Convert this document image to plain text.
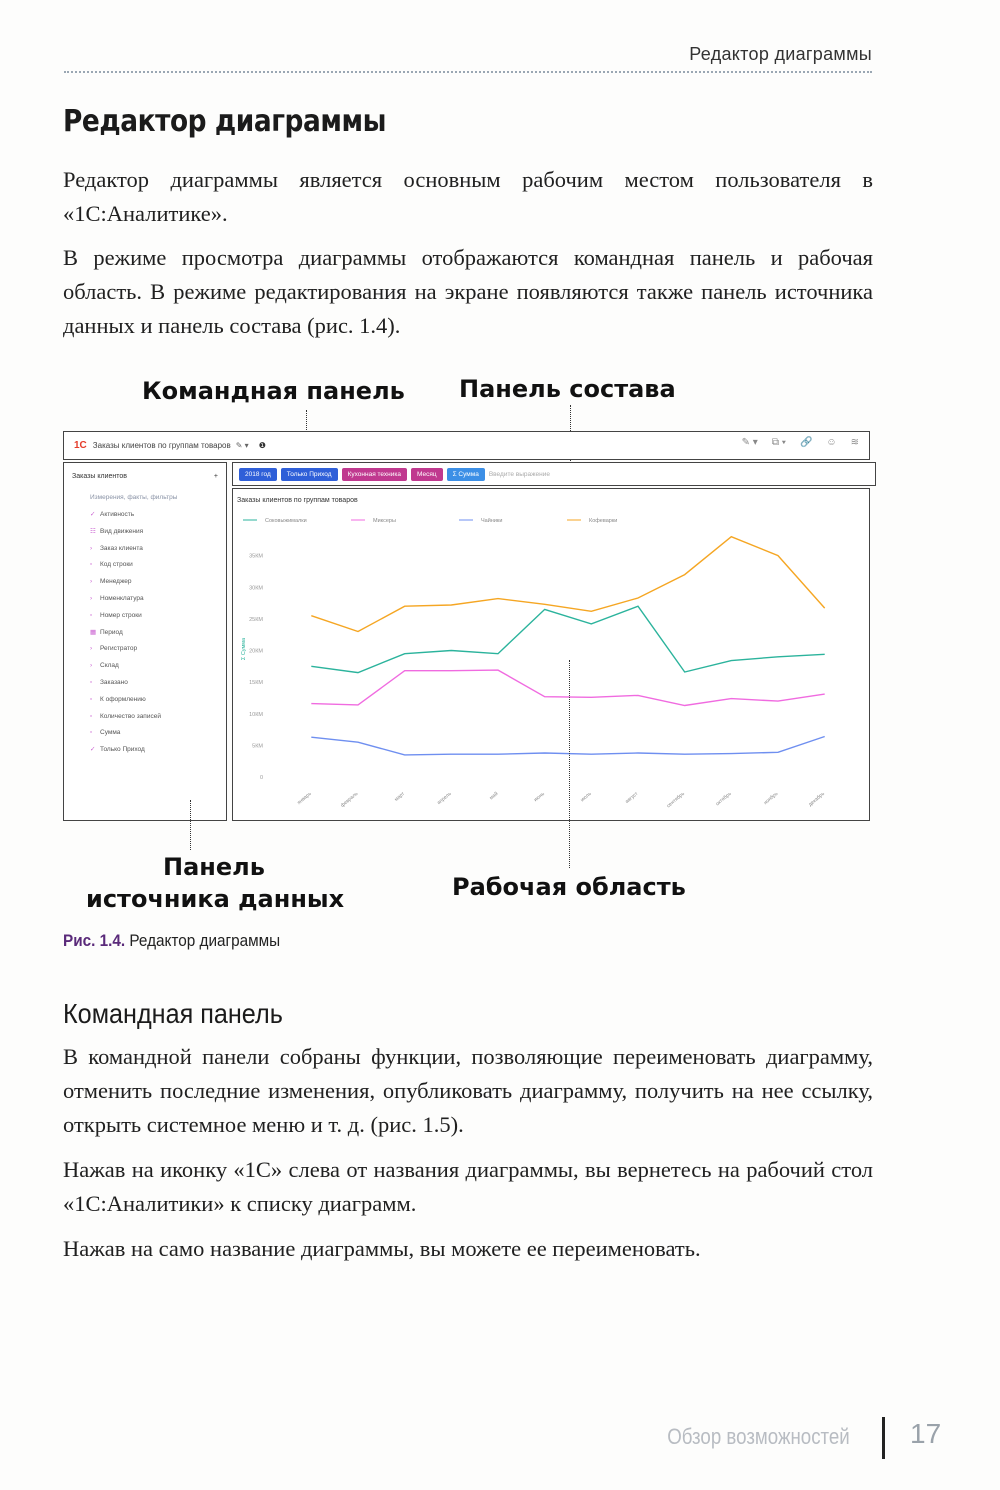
Редактор диаграммы
Редактор диаграммы

Редактор диаграммы является основным рабочим местом пользователя в «1С:Аналитике».

В режиме просмотра диаграммы отображаются командная панель и рабочая область. В режиме редактирования на экране появляются также панель источника данных и панель состава (рис. 1.4).

Командная панель Панель состава
1С Заказы клиентов по группам товаров ✎ ▾ ❶	✎ ▾ ⧉ ▾ 🔗 ☺ ≋
Заказы клиентов	+
Измерения, факты, фильтры
✓ Активность
☷ Вид движения
› Заказ клиента
▫ Код строки
› Менеджер
› Номенклатура
▫ Номер строки
▦ Период
› Регистратор
› Склад
▫ Заказано
▫ К оформлению
▫ Количество записей
▫ Сумма
✓ Только Приход
2018 год	Только Приход	Кухонная техника	Месяц	Σ Сумма	Введите выражение
Заказы клиентов по группам товаров
Соковыжималки	Миксеры	Чайники	Кофеварки
0
5КМ
10КМ
15КМ
20КМ
25КМ
30КМ
35КМ
Σ Сумма
январь	февраль	март	апрель	май	июнь	июль	август	сентябрь	октябрь	ноябрь	декабрь
Панель
источника данных	Рабочая область
Рис. 1.4. Редактор диаграммы
Командная панель

В командной панели собраны функции, позволяющие переименовать диаграмму, отменить последние изменения, опубликовать диаграмму, получить на нее ссылку, открыть системное меню и т. д. (рис. 1.5).

Нажав на иконку «1С» слева от названия диаграммы, вы вернетесь на рабочий стол «1С:Аналитики» к списку диаграмм.

Нажав на само название диаграммы, вы можете ее переименовать.

Обзор возможностей 17
